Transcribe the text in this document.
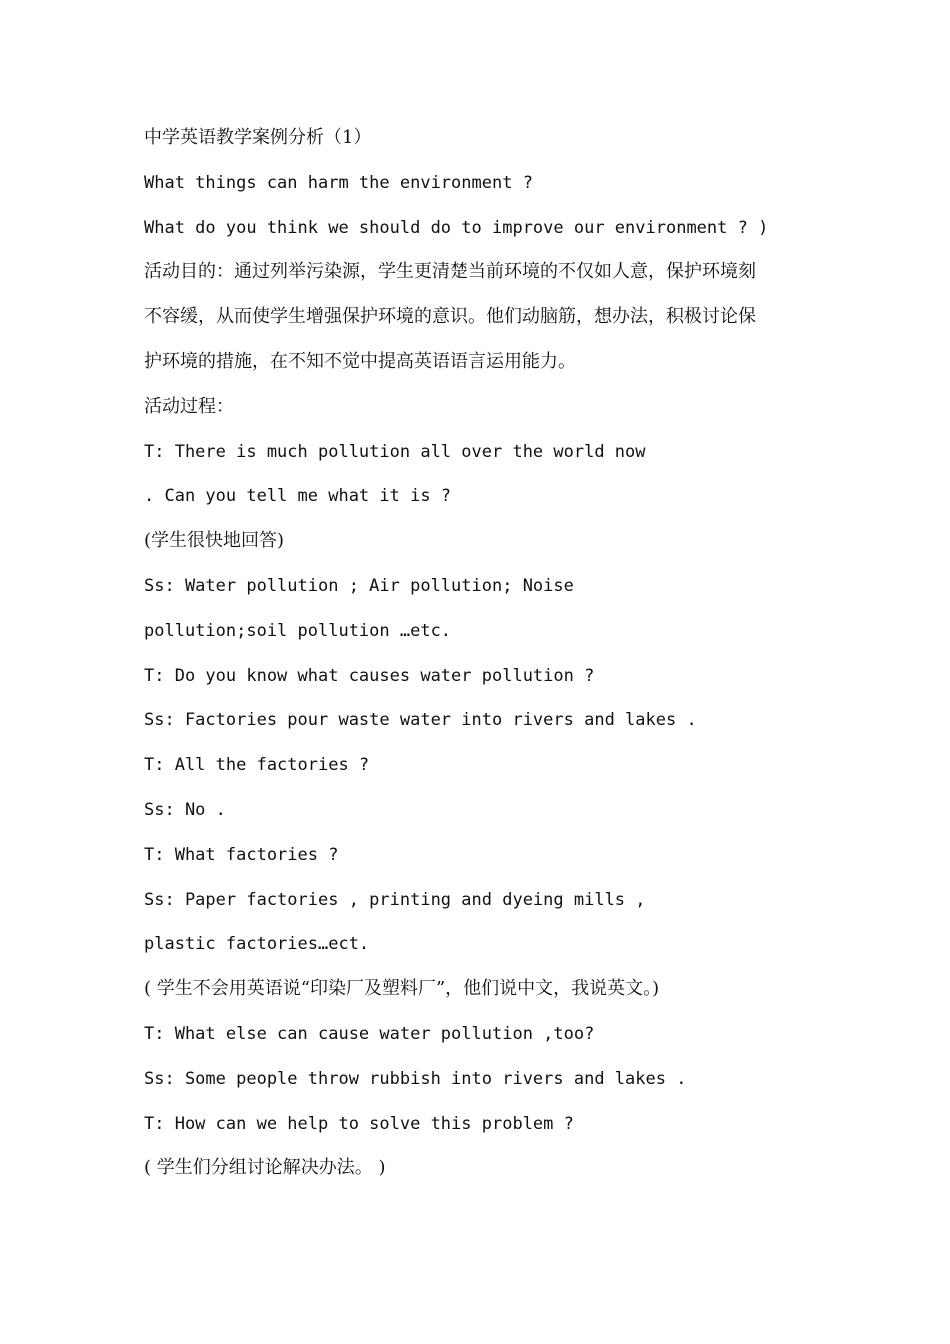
中学英语教学案例分析（1）
What things can harm the environment ?
What do you think we should do to improve our environment ? )
活动目的：通过列举污染源，学生更清楚当前环境的不仅如人意，保护环境刻
不容缓，从而使学生增强保护环境的意识。他们动脑筋，想办法，积极讨论保
护环境的措施，在不知不觉中提高英语语言运用能力。
活动过程：
T: There is much pollution all over the world now
. Can you tell me what it is ?
(学生很快地回答)
Ss: Water pollution ; Air pollution; Noise
pollution;soil pollution …etc.
T: Do you know what causes water pollution ?
Ss: Factories pour waste water into rivers and lakes .
T: All the factories ?
Ss: No .
T: What factories ?
Ss: Paper factories , printing and dyeing mills ,
plastic factories…ect.
( 学生不会用英语说“印染厂及塑料厂”，他们说中文，我说英文。)
T: What else can cause water pollution ,too?
Ss: Some people throw rubbish into rivers and lakes .
T: How can we help to solve this problem ?
( 学生们分组讨论解决办法。 )
